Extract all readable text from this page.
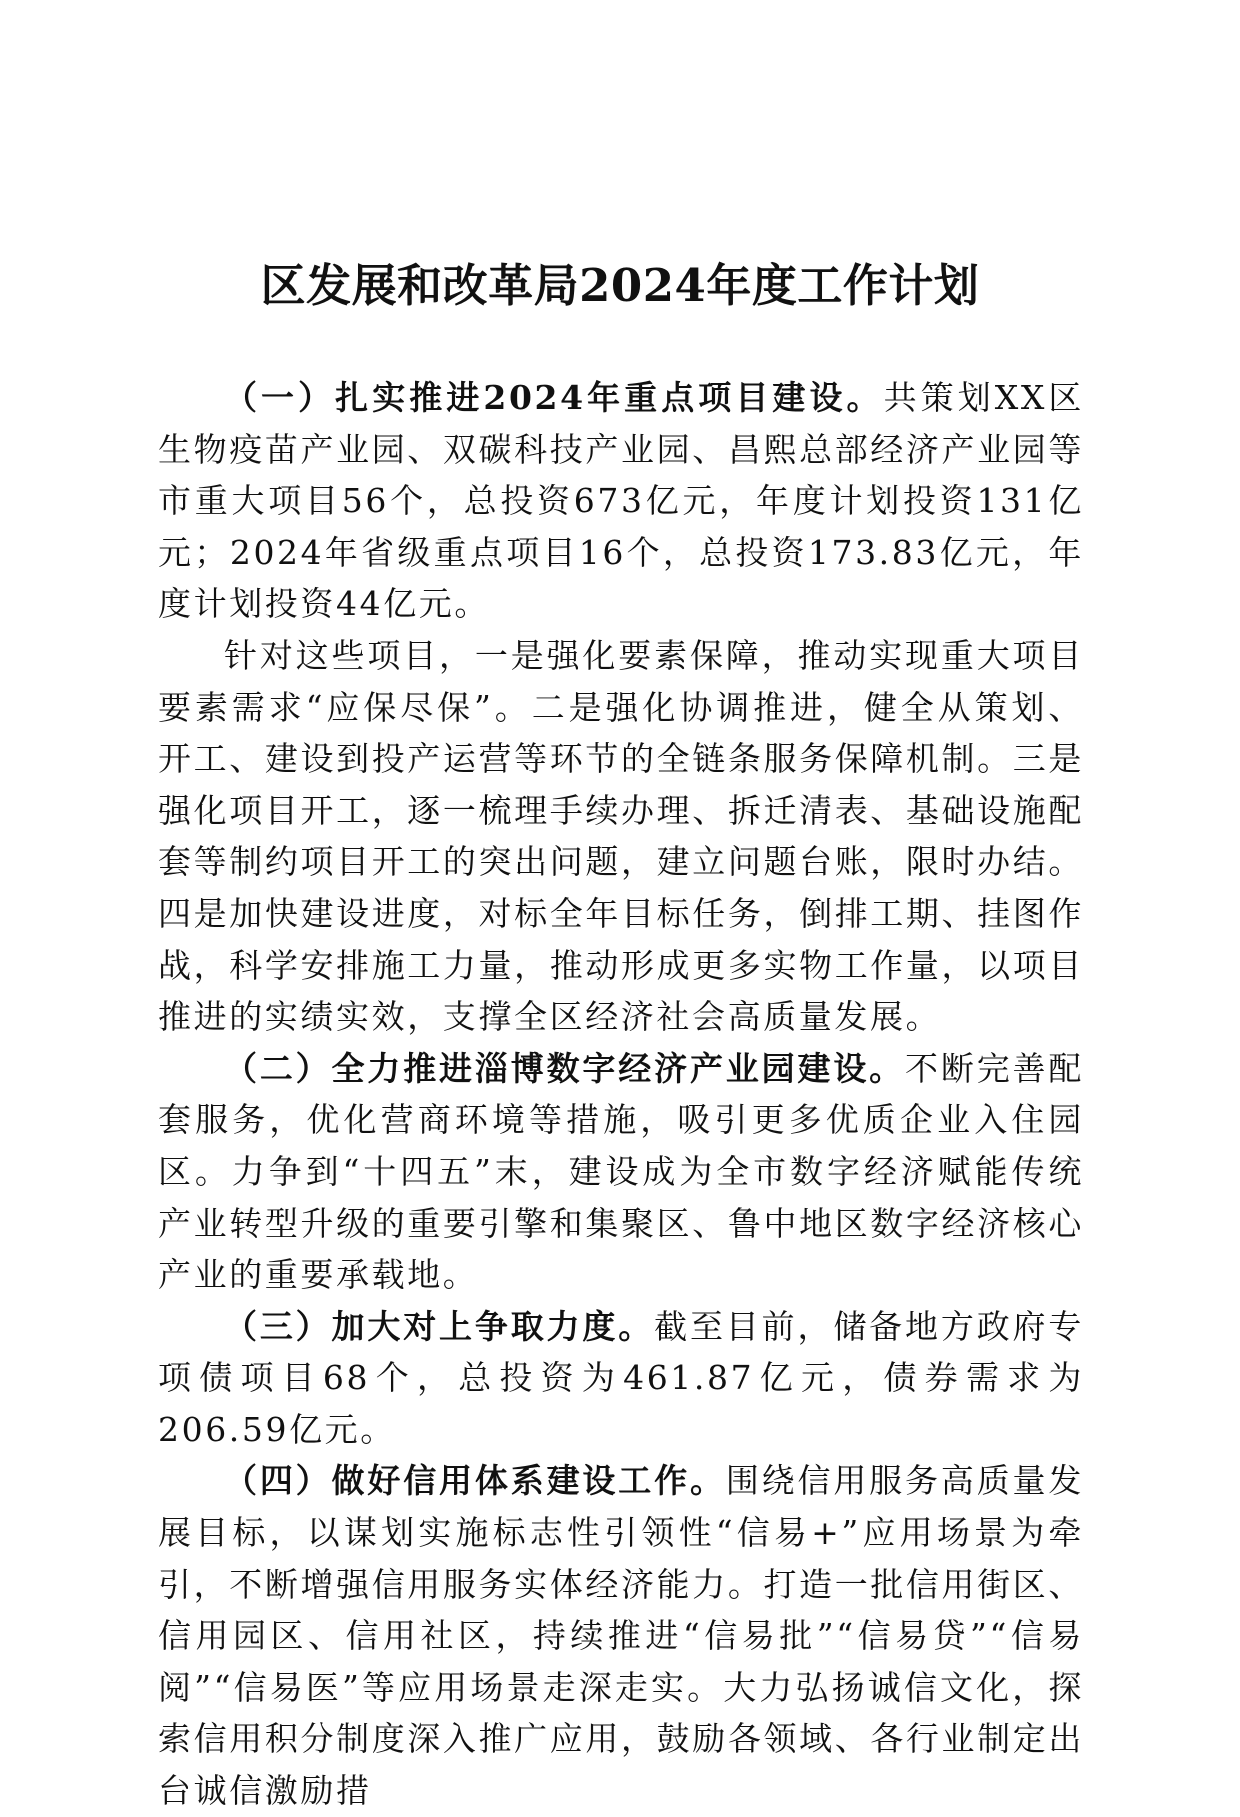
区发展和改革局2024年度工作计划

（一）扎实推进2024年重点项目建设。共策划XX区生物疫苗产业园、双碳科技产业园、昌熙总部经济产业园等市重大项目56个，总投资673亿元，年度计划投资131亿元；2024年省级重点项目16个，总投资173.83亿元，年度计划投资44亿元。

针对这些项目，一是强化要素保障，推动实现重大项目要素需求“应保尽保”。二是强化协调推进，健全从策划、开工、建设到投产运营等环节的全链条服务保障机制。三是强化项目开工，逐一梳理手续办理、拆迁清表、基础设施配套等制约项目开工的突出问题，建立问题台账，限时办结。四是加快建设进度，对标全年目标任务，倒排工期、挂图作战，科学安排施工力量，推动形成更多实物工作量，以项目推进的实绩实效，支撑全区经济社会高质量发展。

（二）全力推进淄博数字经济产业园建设。不断完善配套服务，优化营商环境等措施，吸引更多优质企业入住园区。力争到“十四五”末，建设成为全市数字经济赋能传统产业转型升级的重要引擎和集聚区、鲁中地区数字经济核心产业的重要承载地。

（三）加大对上争取力度。截至目前，储备地方政府专项债项目68个，总投资为461.87亿元，债券需求为206.59亿元。

（四）做好信用体系建设工作。围绕信用服务高质量发展目标，以谋划实施标志性引领性“信易+”应用场景为牵引，不断增强信用服务实体经济能力。打造一批信用街区、信用园区、信用社区，持续推进“信易批”“信易贷”“信易阅”“信易医”等应用场景走深走实。大力弘扬诚信文化，探索信用积分制度深入推广应用，鼓励各领域、各行业制定出台诚信激励措
